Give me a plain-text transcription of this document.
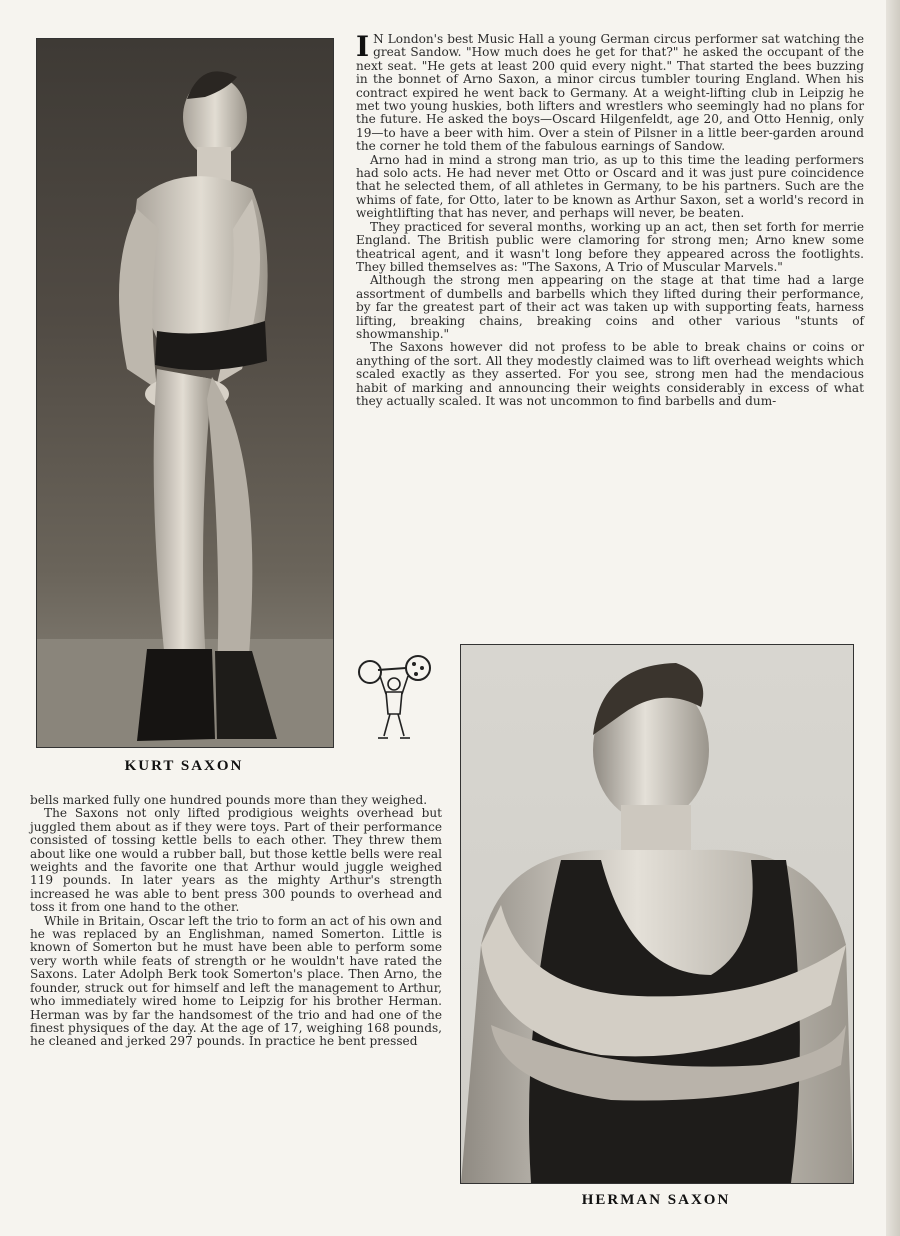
KURT SAXON

I N London's best Music Hall a young German circus performer sat watching the great Sandow. "How much does he get for that?" he asked the occupant of the next seat. "He gets at least 200 quid every night." That started the bees buzzing in the bonnet of Arno Saxon, a minor circus tumbler touring England. When his contract expired he went back to Germany. At a weight-lifting club in Leipzig he met two young huskies, both lifters and wrestlers who seemingly had no plans for the future. He asked the boys—Oscard Hilgenfeldt, age 20, and Otto Hennig, only 19—to have a beer with him. Over a stein of Pilsner in a little beer-garden around the corner he told them of the fabulous earnings of Sandow.

Arno had in mind a strong man trio, as up to this time the leading performers had solo acts. He had never met Otto or Oscard and it was just pure coincidence that he selected them, of all athletes in Germany, to be his partners. Such are the whims of fate, for Otto, later to be known as Arthur Saxon, set a world's record in weightlifting that has never, and perhaps will never, be beaten.

They practiced for several months, working up an act, then set forth for merrie England. The British public were clamoring for strong men; Arno knew some theatrical agent, and it wasn't long before they appeared across the footlights. They billed themselves as: "The Saxons, A Trio of Muscular Marvels."

Although the strong men appearing on the stage at that time had a large assortment of dumbells and barbells which they lifted during their performance, by far the greatest part of their act was taken up with supporting feats, harness lifting, breaking chains, breaking coins and other various "stunts of showmanship."

The Saxons however did not profess to be able to break chains or coins or anything of the sort. All they modestly claimed was to lift overhead weights which scaled exactly as they asserted. For you see, strong men had the mendacious habit of marking and announcing their weights considerably in excess of what they actually scaled. It was not uncommon to find barbells and dum-

bells marked fully one hundred pounds more than they weighed.

The Saxons not only lifted prodigious weights overhead but juggled them about as if they were toys. Part of their performance consisted of tossing kettle bells to each other. They threw them about like one would a rubber ball, but those kettle bells were real weights and the favorite one that Arthur would juggle weighed 119 pounds. In later years as the mighty Arthur's strength increased he was able to bent press 300 pounds to overhead and toss it from one hand to the other.

While in Britain, Oscar left the trio to form an act of his own and he was replaced by an Englishman, named Somerton. Little is known of Somerton but he must have been able to perform some very worth while feats of strength or he wouldn't have rated the Saxons. Later Adolph Berk took Somerton's place. Then Arno, the founder, struck out for himself and left the management to Arthur, who immediately wired home to Leipzig for his brother Herman. Herman was by far the handsomest of the trio and had one of the finest physiques of the day. At the age of 17, weighing 168 pounds, he cleaned and jerked 297 pounds. In practice he bent pressed

HERMAN SAXON
